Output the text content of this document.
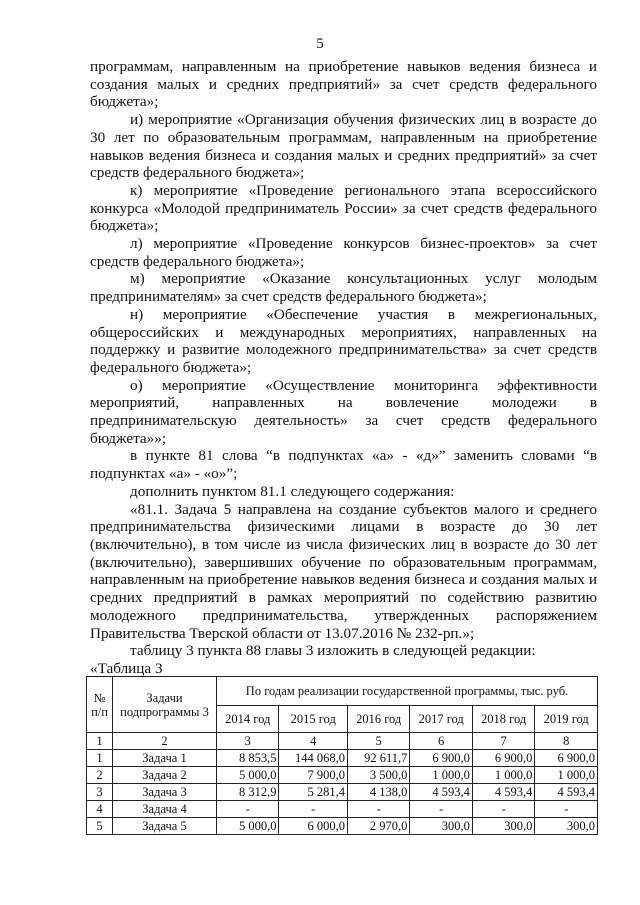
5

программам, направленным на приобретение навыков ведения бизнеса и создания малых и средних предприятий» за счет средств федерального бюджета»;

и) мероприятие «Организация обучения физических лиц в возрасте до 30 лет по образовательным программам, направленным на приобретение навыков ведения бизнеса и создания малых и средних предприятий» за счет средств федерального бюджета»;

к) мероприятие «Проведение регионального этапа всероссийского конкурса «Молодой предприниматель России» за счет средств федерального бюджета»;

л) мероприятие «Проведение конкурсов бизнес-проектов» за счет средств федерального бюджета»;

м) мероприятие «Оказание консультационных услуг молодым предпринимателям» за счет средств федерального бюджета»;

н) мероприятие «Обеспечение участия в межрегиональных, общероссийских и международных мероприятиях, направленных на поддержку и развитие молодежного предпринимательства» за счет средств федерального бюджета»;

о) мероприятие «Осуществление мониторинга эффективности мероприятий, направленных на вовлечение молодежи в предпринимательскую деятельность» за счет средств федерального бюджета»»;

в пункте 81 слова “в подпунктах «а» - «д»” заменить словами “в подпунктах «а» - «о»”;

дополнить пунктом 81.1 следующего содержания:

«81.1. Задача 5 направлена на создание субъектов малого и среднего предпринимательства физическими лицами в возрасте до 30 лет (включительно), в том числе из числа физических лиц в возрасте до 30 лет (включительно), завершивших обучение по образовательным программам, направленным на приобретение навыков ведения бизнеса и создания малых и средних предприятий в рамках мероприятий по содействию развитию молодежного предпринимательства, утвержденных распоряжением Правительства Тверской области от 13.07.2016 № 232-рп.»;

таблицу 3 пункта 88 главы 3 изложить в следующей редакции:

«Таблица 3

№ п/п	Задачи подпрограммы 3	По годам реализации государственной программы, тыс. руб.					
		2014 год	2015 год	2016 год	2017 год	2018 год	2019 год
1	2	3	4	5	6	7	8
1	Задача 1	8 853,5	144 068,0	92 611,7	6 900,0	6 900,0	6 900,0
2	Задача 2	5 000,0	7 900,0	3 500,0	1 000,0	1 000,0	1 000,0
3	Задача 3	8 312,9	5 281,4	4 138,0	4 593,4	4 593,4	4 593,4
4	Задача 4	-	-	-	-	-	-
5	Задача 5	5 000,0	6 000,0	2 970,0	300,0	300,0	300,0
